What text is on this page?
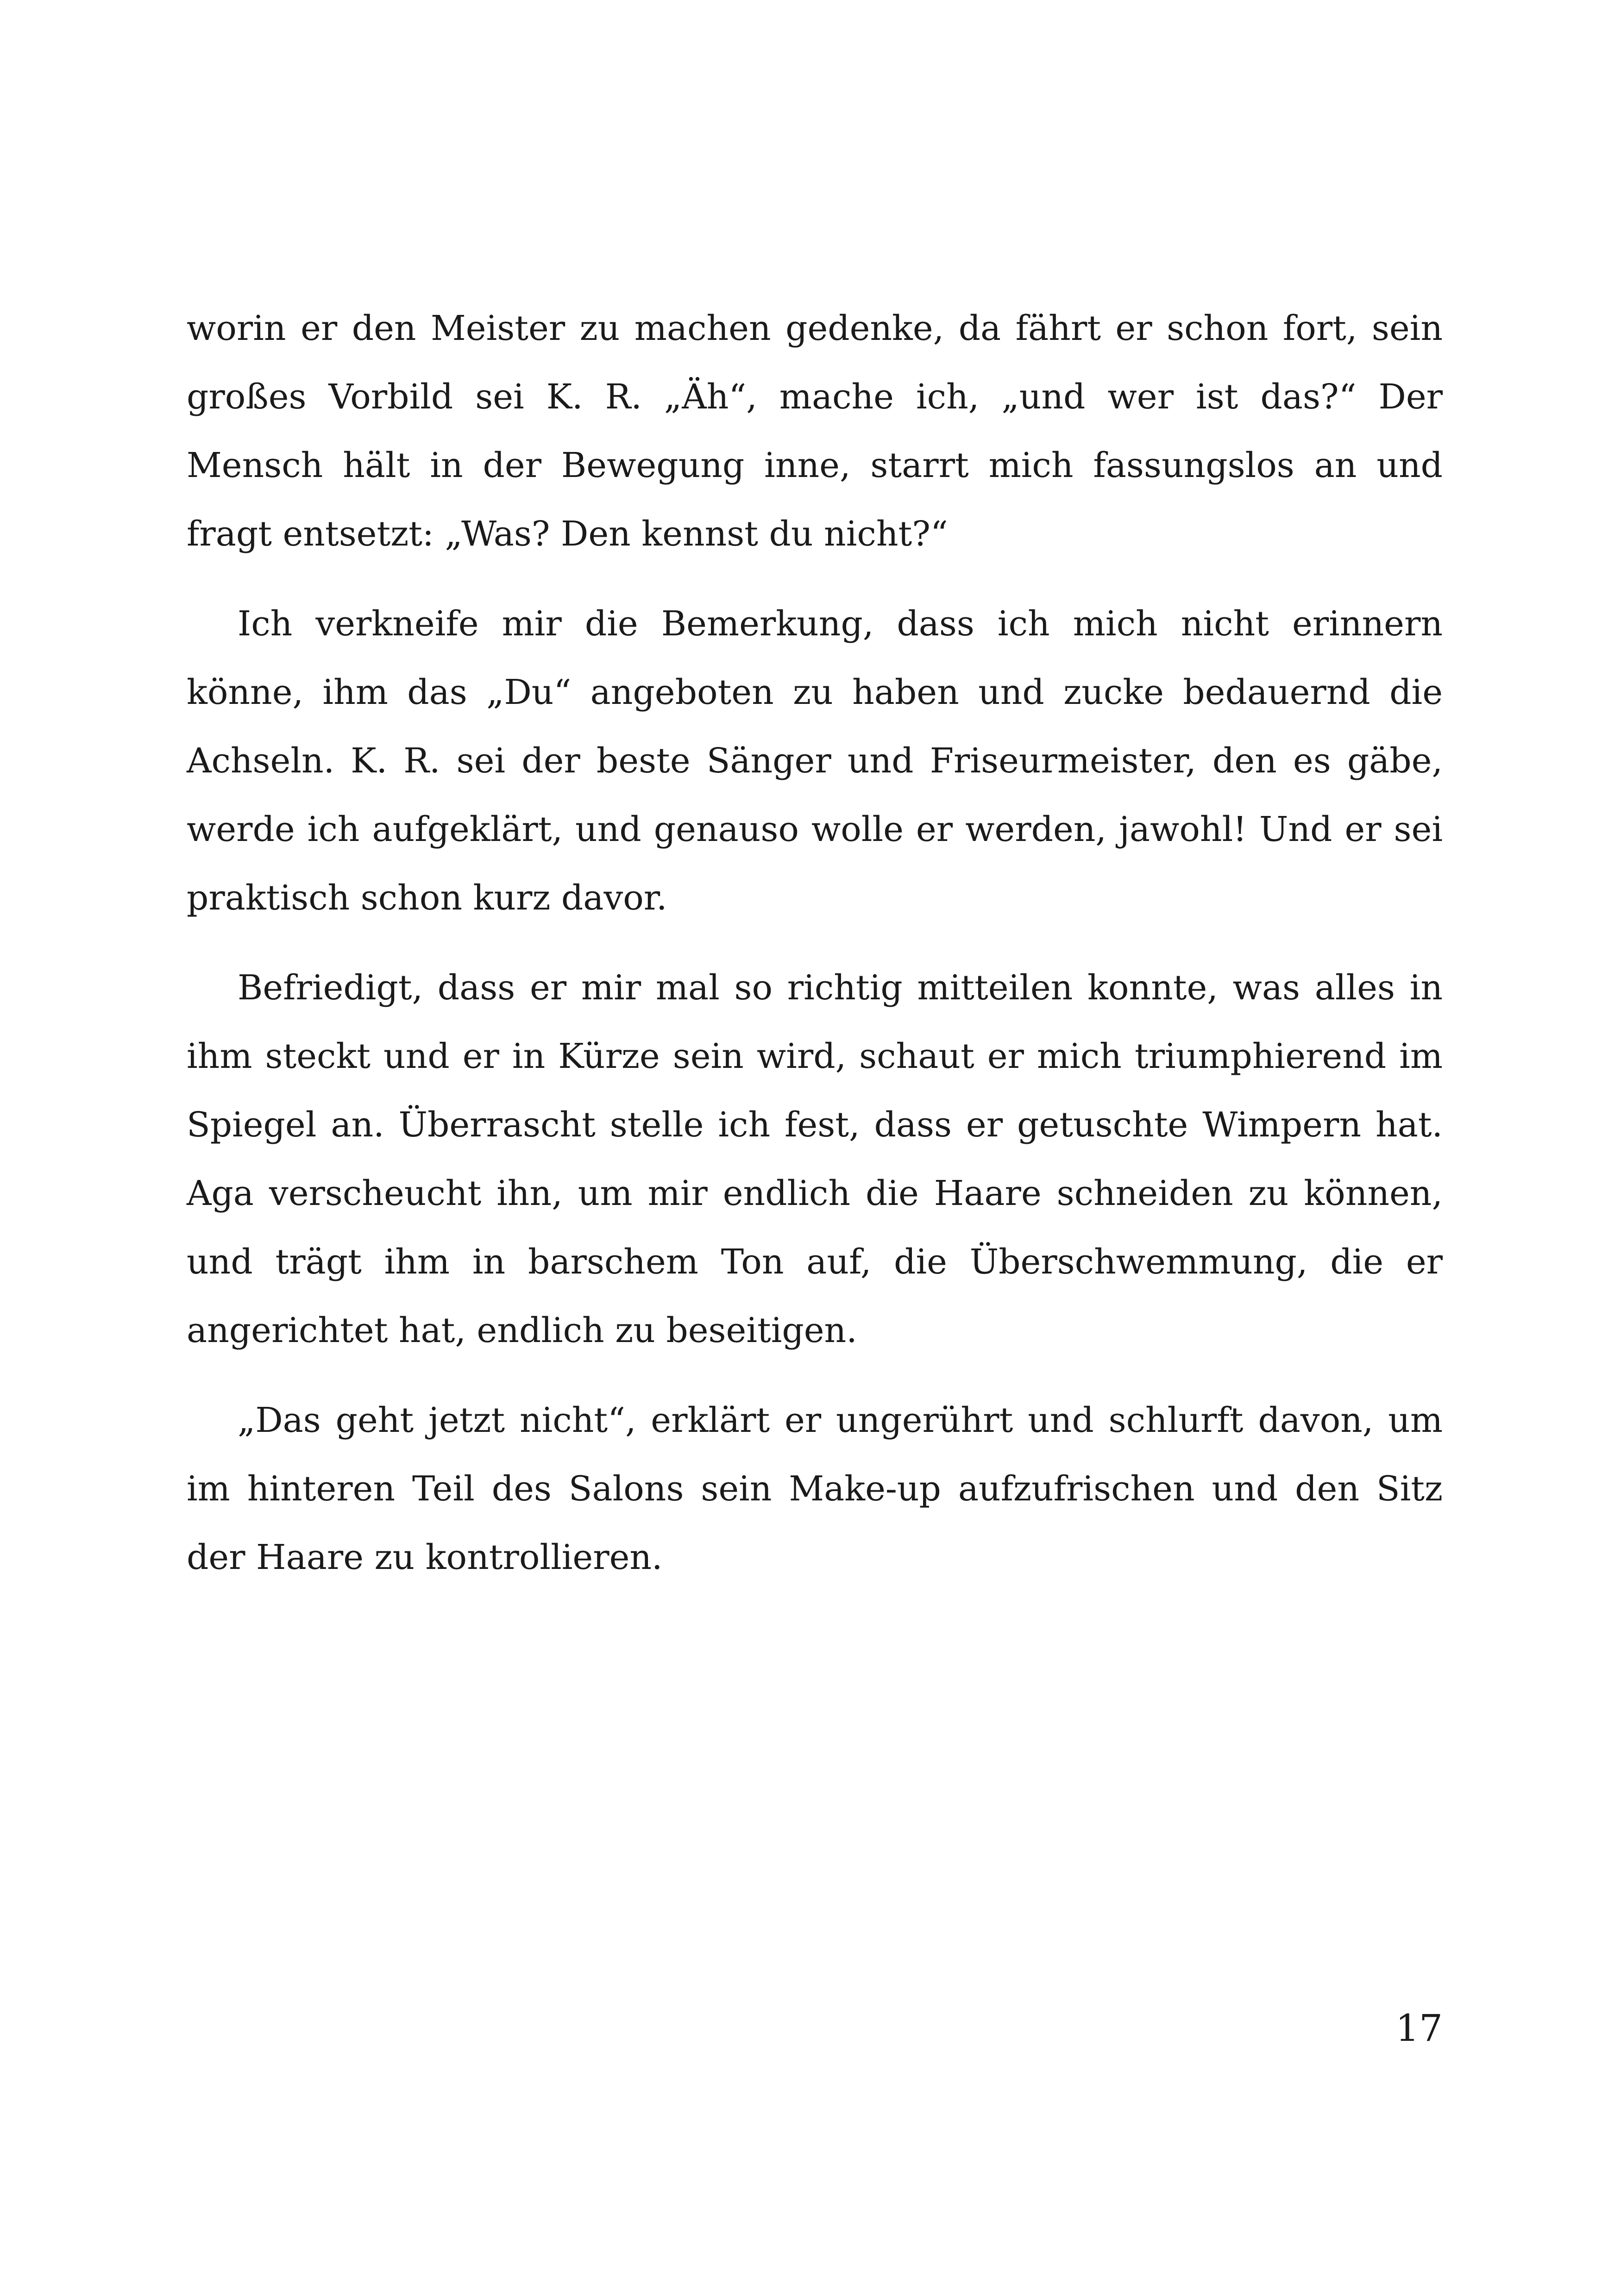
worin er den Meister zu machen gedenke, da fährt er schon fort, sein großes Vorbild sei K. R. „Äh“, mache ich, „und wer ist das?“ Der Mensch hält in der Bewegung inne, starrt mich fassungslos an und fragt entsetzt: „Was? Den kennst du nicht?“

Ich verkneife mir die Bemerkung, dass ich mich nicht erinnern könne, ihm das „Du“ angeboten zu haben und zucke bedauernd die Achseln. K. R. sei der beste Sänger und Friseurmeister, den es gäbe, werde ich aufgeklärt, und genauso wolle er werden, jawohl! Und er sei praktisch schon kurz davor.

Befriedigt, dass er mir mal so richtig mitteilen konnte, was alles in ihm steckt und er in Kürze sein wird, schaut er mich triumphierend im Spiegel an. Überrascht stelle ich fest, dass er getuschte Wimpern hat. Aga verscheucht ihn, um mir endlich die Haare schneiden zu können, und trägt ihm in barschem Ton auf, die Überschwemmung, die er angerichtet hat, endlich zu beseitigen.

„Das geht jetzt nicht“, erklärt er ungerührt und schlurft davon, um im hinteren Teil des Salons sein Make-up aufzufrischen und den Sitz der Haare zu kontrollieren.

17
